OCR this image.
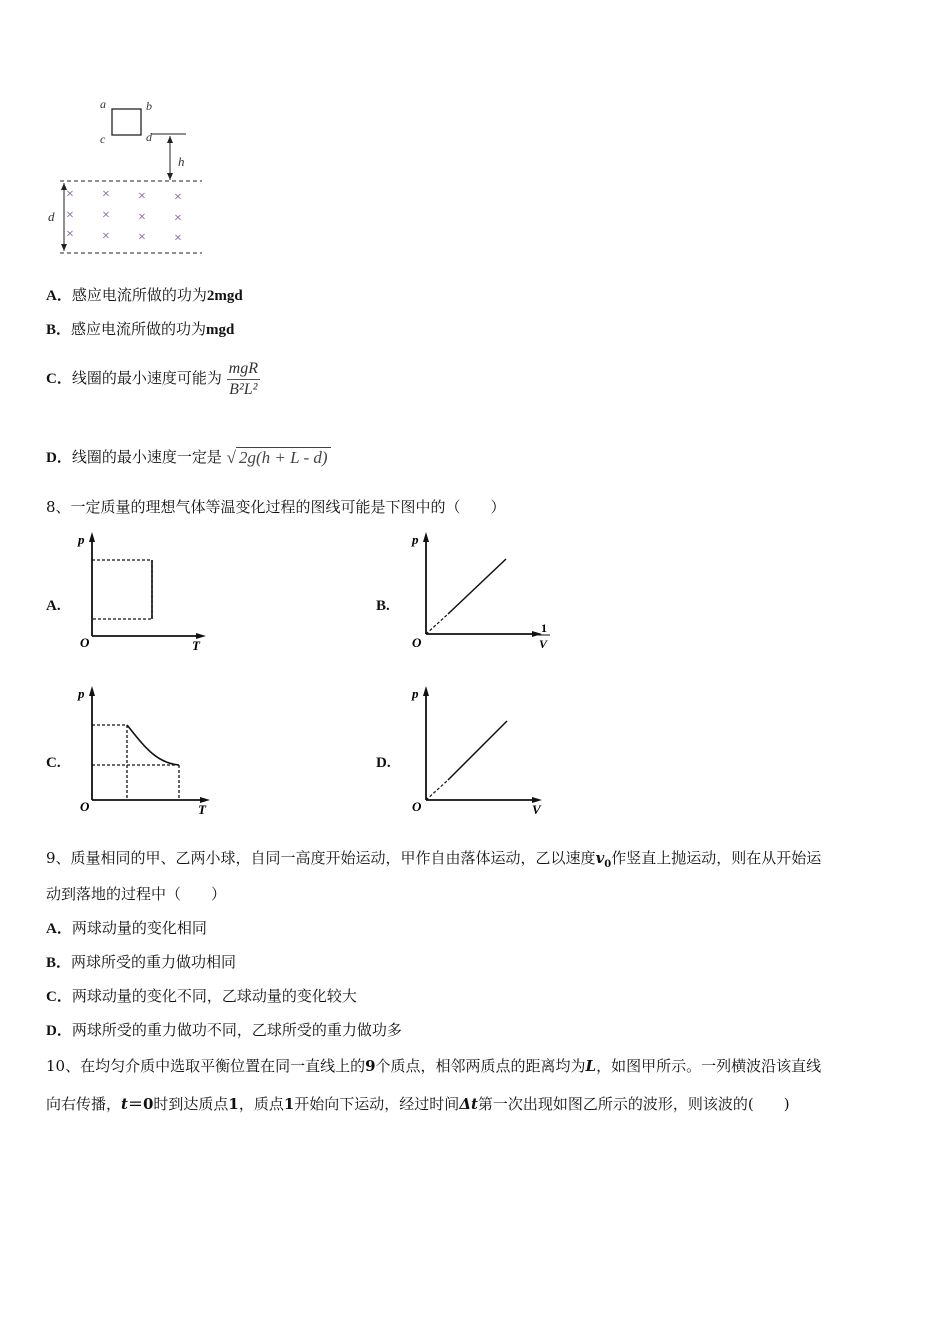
a	b
c	d
h
d
× × × ×
× × × ×
× × × ×
A．感应电流所做的功为2mgd
B．感应电流所做的功为mgd
C．线圈的最小速度可能为 $\frac{\text{mgR}}{\text{B²L²}}$
D．线圈的最小速度一定是 √ 2g(h + L - d)
8、一定质量的理想气体等温变化过程的图线可能是下图中的（　　）
A.
p
O	T
B.
p
O
1
V
C.
p
O	T
D.
p
O	V
9、质量相同的甲、乙两小球，自同一高度开始运动，甲作自由落体运动，乙以速度$v_0$作竖直上抛运动，则在从开始运
动到落地的过程中（　　）
A．两球动量的变化相同
B．两球所受的重力做功相同
C．两球动量的变化不同，乙球动量的变化较大
D．两球所受的重力做功不同，乙球所受的重力做功多
10、在均匀介质中选取平衡位置在同一直线上的9个质点，相邻两质点的距离均为L，如图甲所示。一列横波沿该直线
向右传播，t＝0时到达质点1，质点1开始向下运动，经过时间Δt第一次出现如图乙所示的波形，则该波的(　　)
